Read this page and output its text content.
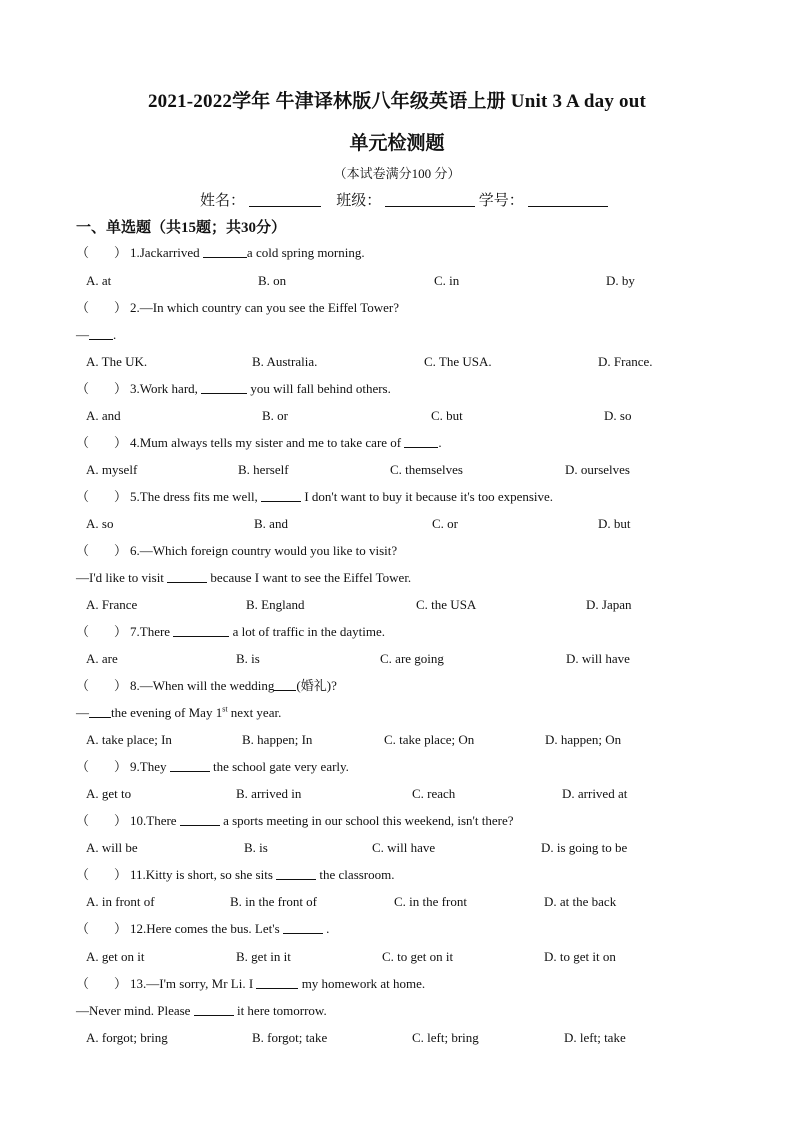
2021-2022学年 牛津译林版八年级英语上册 Unit 3 A day out
单元检测题
（本试卷满分100 分）
姓名：	班级：	学号：
一、单选题（共15题；共30分）
（ ） 1.Jackarrived	a cold spring morning.
A. at	B. on	C. in	D. by
（ ） 2.—In which country can you see the Eiffel Tower?
— .
A. The UK.	B. Australia.	C. The USA.	D. France.
（ ） 3.Work hard,	you will fall behind others.
A. and	B. or	C. but	D. so
（ ） 4.Mum always tells my sister and me to take care of	.
A. myself	B. herself	C. themselves	D. ourselves
（ ） 5.The dress fits me well,	I don't want to buy it because it's too expensive.
A. so	B. and	C. or	D. but
（ ） 6.—Which foreign country would you like to visit?
—I'd like to visit	because I want to see the Eiffel Tower.
A. France	B. England	C. the USA	D. Japan
（ ） 7.There	a lot of traffic in the daytime.
A. are	B. is	C. are going	D. will have
（ ） 8.—When will the wedding (婚礼)?
— the evening of May 1st next year.
A. take place; In	B. happen; In	C. take place; On	D. happen; On
（ ） 9.They	the school gate very early.
A. get to	B. arrived in	C. reach	D. arrived at
（ ） 10.There	a sports meeting in our school this weekend, isn't there?
A. will be	B. is	C. will have	D. is going to be
（ ） 11.Kitty is short, so she sits	the classroom.
A. in front of	B. in the front of	C. in the front	D. at the back
（ ） 12.Here comes the bus. Let's	.
A. get on it	B. get in it	C. to get on it	D. to get it on
（ ） 13.—I'm sorry, Mr Li. I	my homework at home.
—Never mind. Please	it here tomorrow.
A. forgot; bring	B. forgot; take	C. left; bring	D. left; take
